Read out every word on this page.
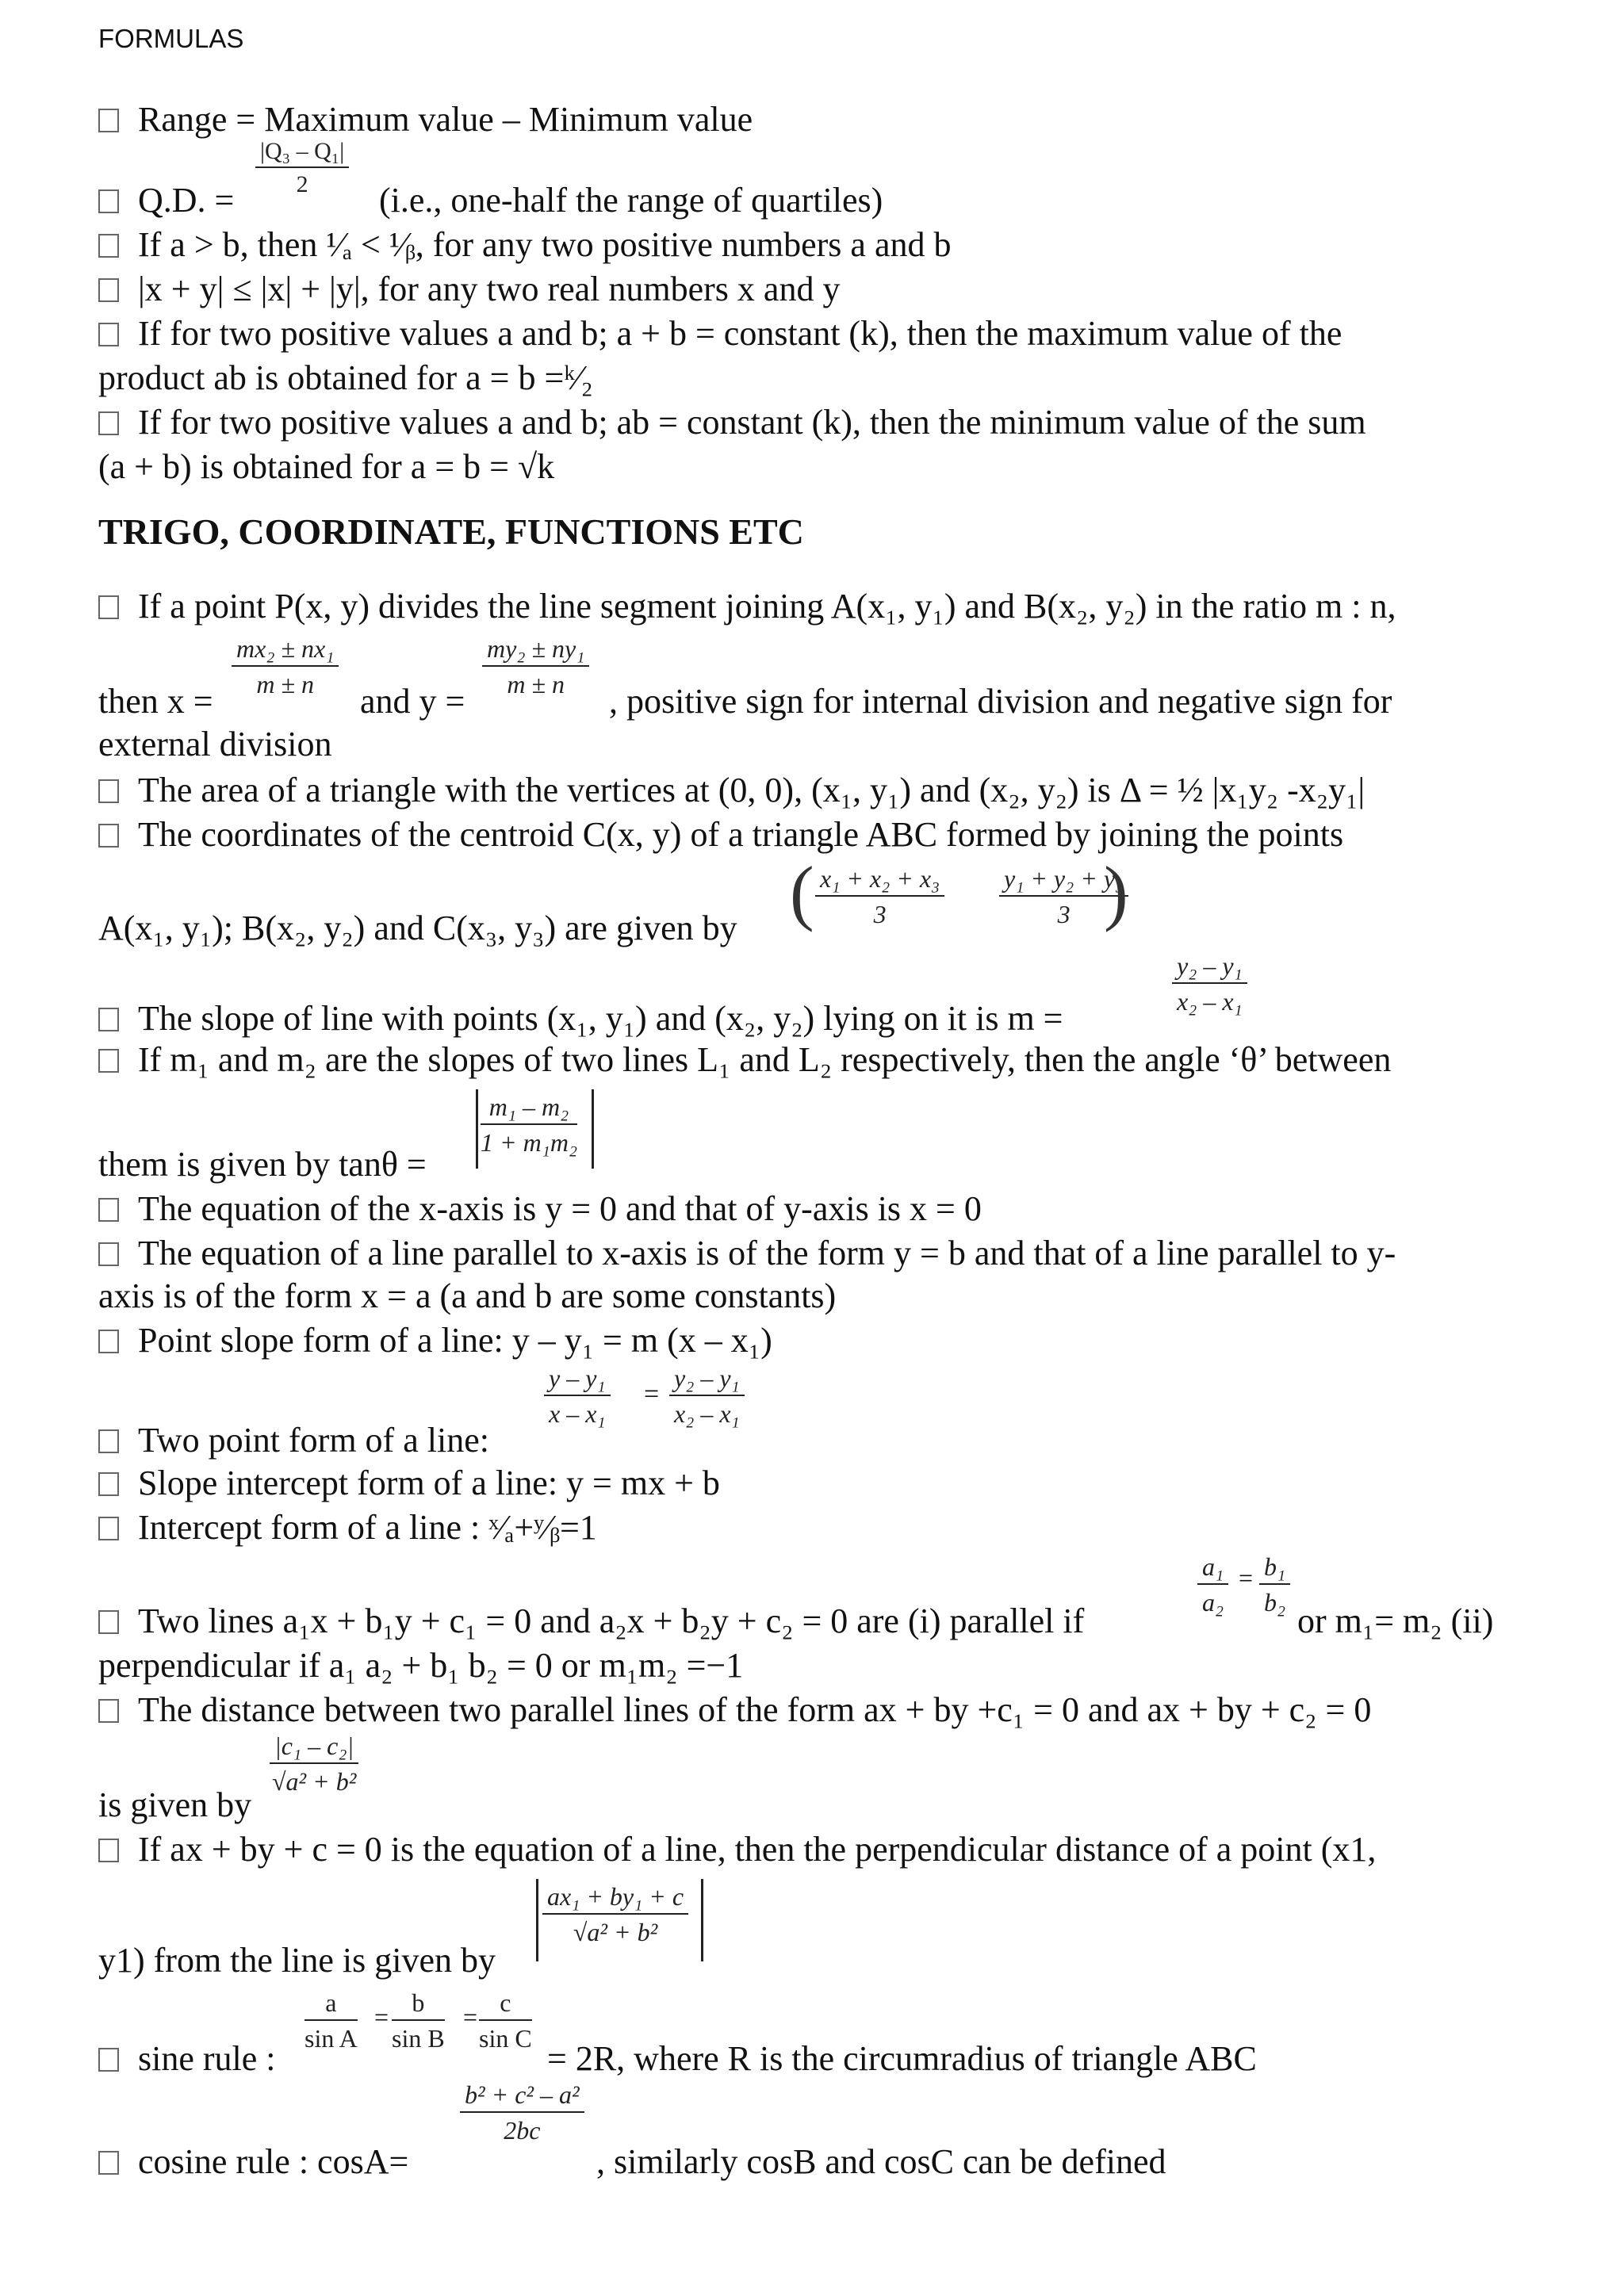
FORMULAS
Range = Maximum value – Minimum value
$\frac{\text{|Q₃ – Q₁|}}{2}$
Q.D. =	(i.e., one-half the range of quartiles)
If a > b, then ¹⁄ₐ < ¹⁄ᵦ, for any two positive numbers a and b
|x + y| ≤ |x| + |y|, for any two real numbers x and y
If for two positive values a and b; a + b = constant (k), then the maximum value of the
product ab is obtained for a = b =ᵏ⁄₂
If for two positive values a and b; ab = constant (k), then the minimum value of the sum
(a + b) is obtained for a = b = √k
TRIGO, COORDINATE, FUNCTIONS ETC
If a point P(x, y) divides the line segment joining A(x₁, y₁) and B(x₂, y₂) in the ratio m : n,
$\frac{\text{mx₂ ± nx₁}}{m \pm n}$	$\frac{\text{my₂ ± ny₁}}{m \pm n}$
then x =	and y =	, positive sign for internal division and negative sign for
external division
The area of a triangle with the vertices at (0, 0), (x₁, y₁) and (x₂, y₂) is Δ = ½ |x₁y₂ -x₂y₁|
The coordinates of the centroid C(x, y) of a triangle ABC formed by joining the points
( $\frac{\text{x₁ + x₂ + x₃}}{3} \frac{\text{y₁ + y₂ + y₃}}{3}$
)
A(x₁, y₁); B(x₂, y₂) and C(x₃, y₃) are given by
$\frac{\text{y₂ – y₁}}{\text{x₂ – x₁}}$
The slope of line with points (x₁, y₁) and (x₂, y₂) lying on it is m =
If m₁ and m₂ are the slopes of two lines L₁ and L₂ respectively, then the angle ‘θ’ between
$\frac{\text{m₁ – m₂}}{\text{1 + m₁m₂}}$
them is given by tanθ =
The equation of the x-axis is y = 0 and that of y-axis is x = 0
The equation of a line parallel to x-axis is of the form y = b and that of a line parallel to y-
axis is of the form x = a (a and b are some constants)
Point slope form of a line: y – y₁ = m (x – x₁)
$\frac{\text{y – y₁}}{\text{x – x₁}} = \frac{\text{y₂ – y₁}}{\text{x₂ – x₁}}$
Two point form of a line:
Slope intercept form of a line: y = mx + b
Intercept form of a line : ˣ⁄ₐ+ʸ⁄ᵦ=1
$\frac{\text{a₁}}{\text{a₂}} = \frac{\text{b₁}}{\text{b₂}}$
Two lines a₁x + b₁y + c₁ = 0 and a₂x + b₂y + c₂ = 0 are (i) parallel if	or m₁= m₂ (ii)
perpendicular if a₁ a₂ + b₁ b₂ = 0 or m₁m₂ =−1
The distance between two parallel lines of the form ax + by +c₁ = 0 and ax + by + c₂ = 0
$\frac{\text{|c₁ – c₂|}}{\text{√a² + b²}}$
is given by
If ax + by + c = 0 is the equation of a line, then the perpendicular distance of a point (x1,
$\frac{\text{ax₁ + by₁ + c}}{\text{√a² + b²}}$
y1) from the line is given by
$\frac{a}{\text{sin A}} = \frac{b}{\text{sin B}} = \frac{c}{\text{sin C}}$
sine rule :	= 2R, where R is the circumradius of triangle ABC
$\frac{\text{b² + c² – a²}}{2bc}$
cosine rule : cosA=	, similarly cosB and cosC can be defined
